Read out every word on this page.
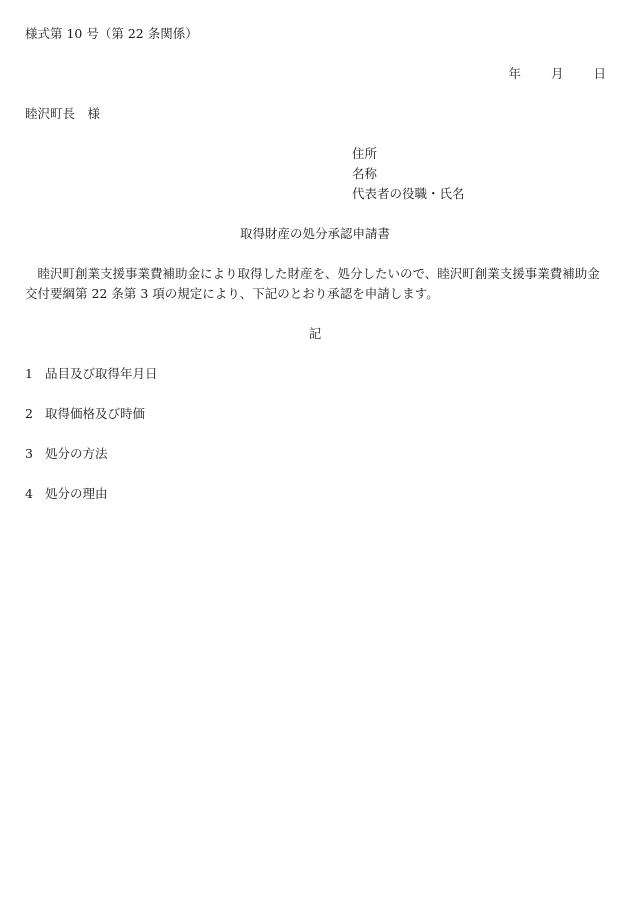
様式第 10 号（第 22 条関係）
年 月 日
睦沢町長　様
住所
名称
代表者の役職・氏名
取得財産の処分承認申請書
睦沢町創業支援事業費補助金により取得した財産を、処分したいので、睦沢町創業支援事業費補助金交付要綱第 22 条第 3 項の規定により、下記のとおり承認を申請します。
記
1 品目及び取得年月日
2 取得価格及び時価
3 処分の方法
4 処分の理由
